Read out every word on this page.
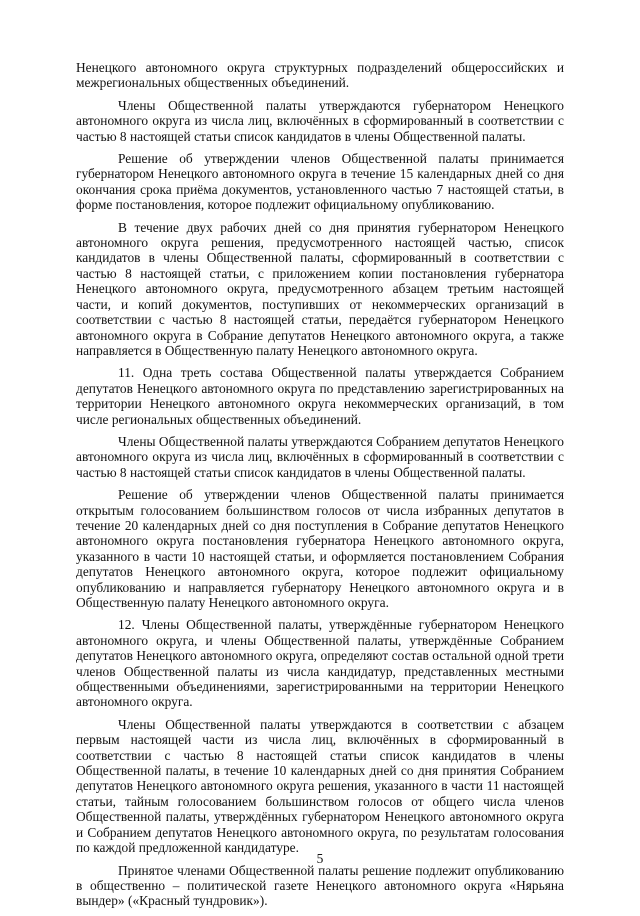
Ненецкого автономного округа структурных подразделений общероссийских и межрегиональных общественных объединений.

Члены Общественной палаты утверждаются губернатором Ненецкого автономного округа из числа лиц, включённых в сформированный в соответствии с частью 8 настоящей статьи список кандидатов в члены Общественной палаты.

Решение об утверждении членов Общественной палаты принимается губернатором Ненецкого автономного округа в течение 15 календарных дней со дня окончания срока приёма документов, установленного частью 7 настоящей статьи, в форме постановления, которое подлежит официальному опубликованию.

В течение двух рабочих дней со дня принятия губернатором Ненецкого автономного округа решения, предусмотренного настоящей частью, список кандидатов в члены Общественной палаты, сформированный в соответствии с частью 8 настоящей статьи, с приложением копии постановления губернатора Ненецкого автономного округа, предусмотренного абзацем третьим настоящей части, и копий документов, поступивших от некоммерческих организаций в соответствии с частью 8 настоящей статьи, передаётся губернатором Ненецкого автономного округа в Собрание депутатов Ненецкого автономного округа, а также направляется в Общественную палату Ненецкого автономного округа.

11. Одна треть состава Общественной палаты утверждается Собранием депутатов Ненецкого автономного округа по представлению зарегистрированных на территории Ненецкого автономного округа некоммерческих организаций, в том числе региональных общественных объединений.

Члены Общественной палаты утверждаются Собранием депутатов Ненецкого автономного округа из числа лиц, включённых в сформированный в соответствии с частью 8 настоящей статьи список кандидатов в члены Общественной палаты.

Решение об утверждении членов Общественной палаты принимается открытым голосованием большинством голосов от числа избранных депутатов в течение 20 календарных дней со дня поступления в Собрание депутатов Ненецкого автономного округа постановления губернатора Ненецкого автономного округа, указанного в части 10 настоящей статьи, и оформляется постановлением Собрания депутатов Ненецкого автономного округа, которое подлежит официальному опубликованию и направляется губернатору Ненецкого автономного округа и в Общественную палату Ненецкого автономного округа.

12. Члены Общественной палаты, утверждённые губернатором Ненецкого автономного округа, и члены Общественной палаты, утверждённые Собранием депутатов Ненецкого автономного округа, определяют состав остальной одной трети членов Общественной палаты из числа кандидатур, представленных местными общественными объединениями, зарегистрированными на территории Ненецкого автономного округа.

Члены Общественной палаты утверждаются в соответствии с абзацем первым настоящей части из числа лиц, включённых в сформированный в соответствии с частью 8 настоящей статьи список кандидатов в члены Общественной палаты, в течение 10 календарных дней со дня принятия Собранием депутатов Ненецкого автономного округа решения, указанного в части 11 настоящей статьи, тайным голосованием большинством голосов от общего числа членов Общественной палаты, утверждённых губернатором Ненецкого автономного округа и Собранием депутатов Ненецкого автономного округа, по результатам голосования по каждой предложенной кандидатуре.

Принятое членами Общественной палаты решение подлежит опубликованию в общественно – политической газете Ненецкого автономного округа «Нярьяна вындер» («Красный тундровик»).

5
